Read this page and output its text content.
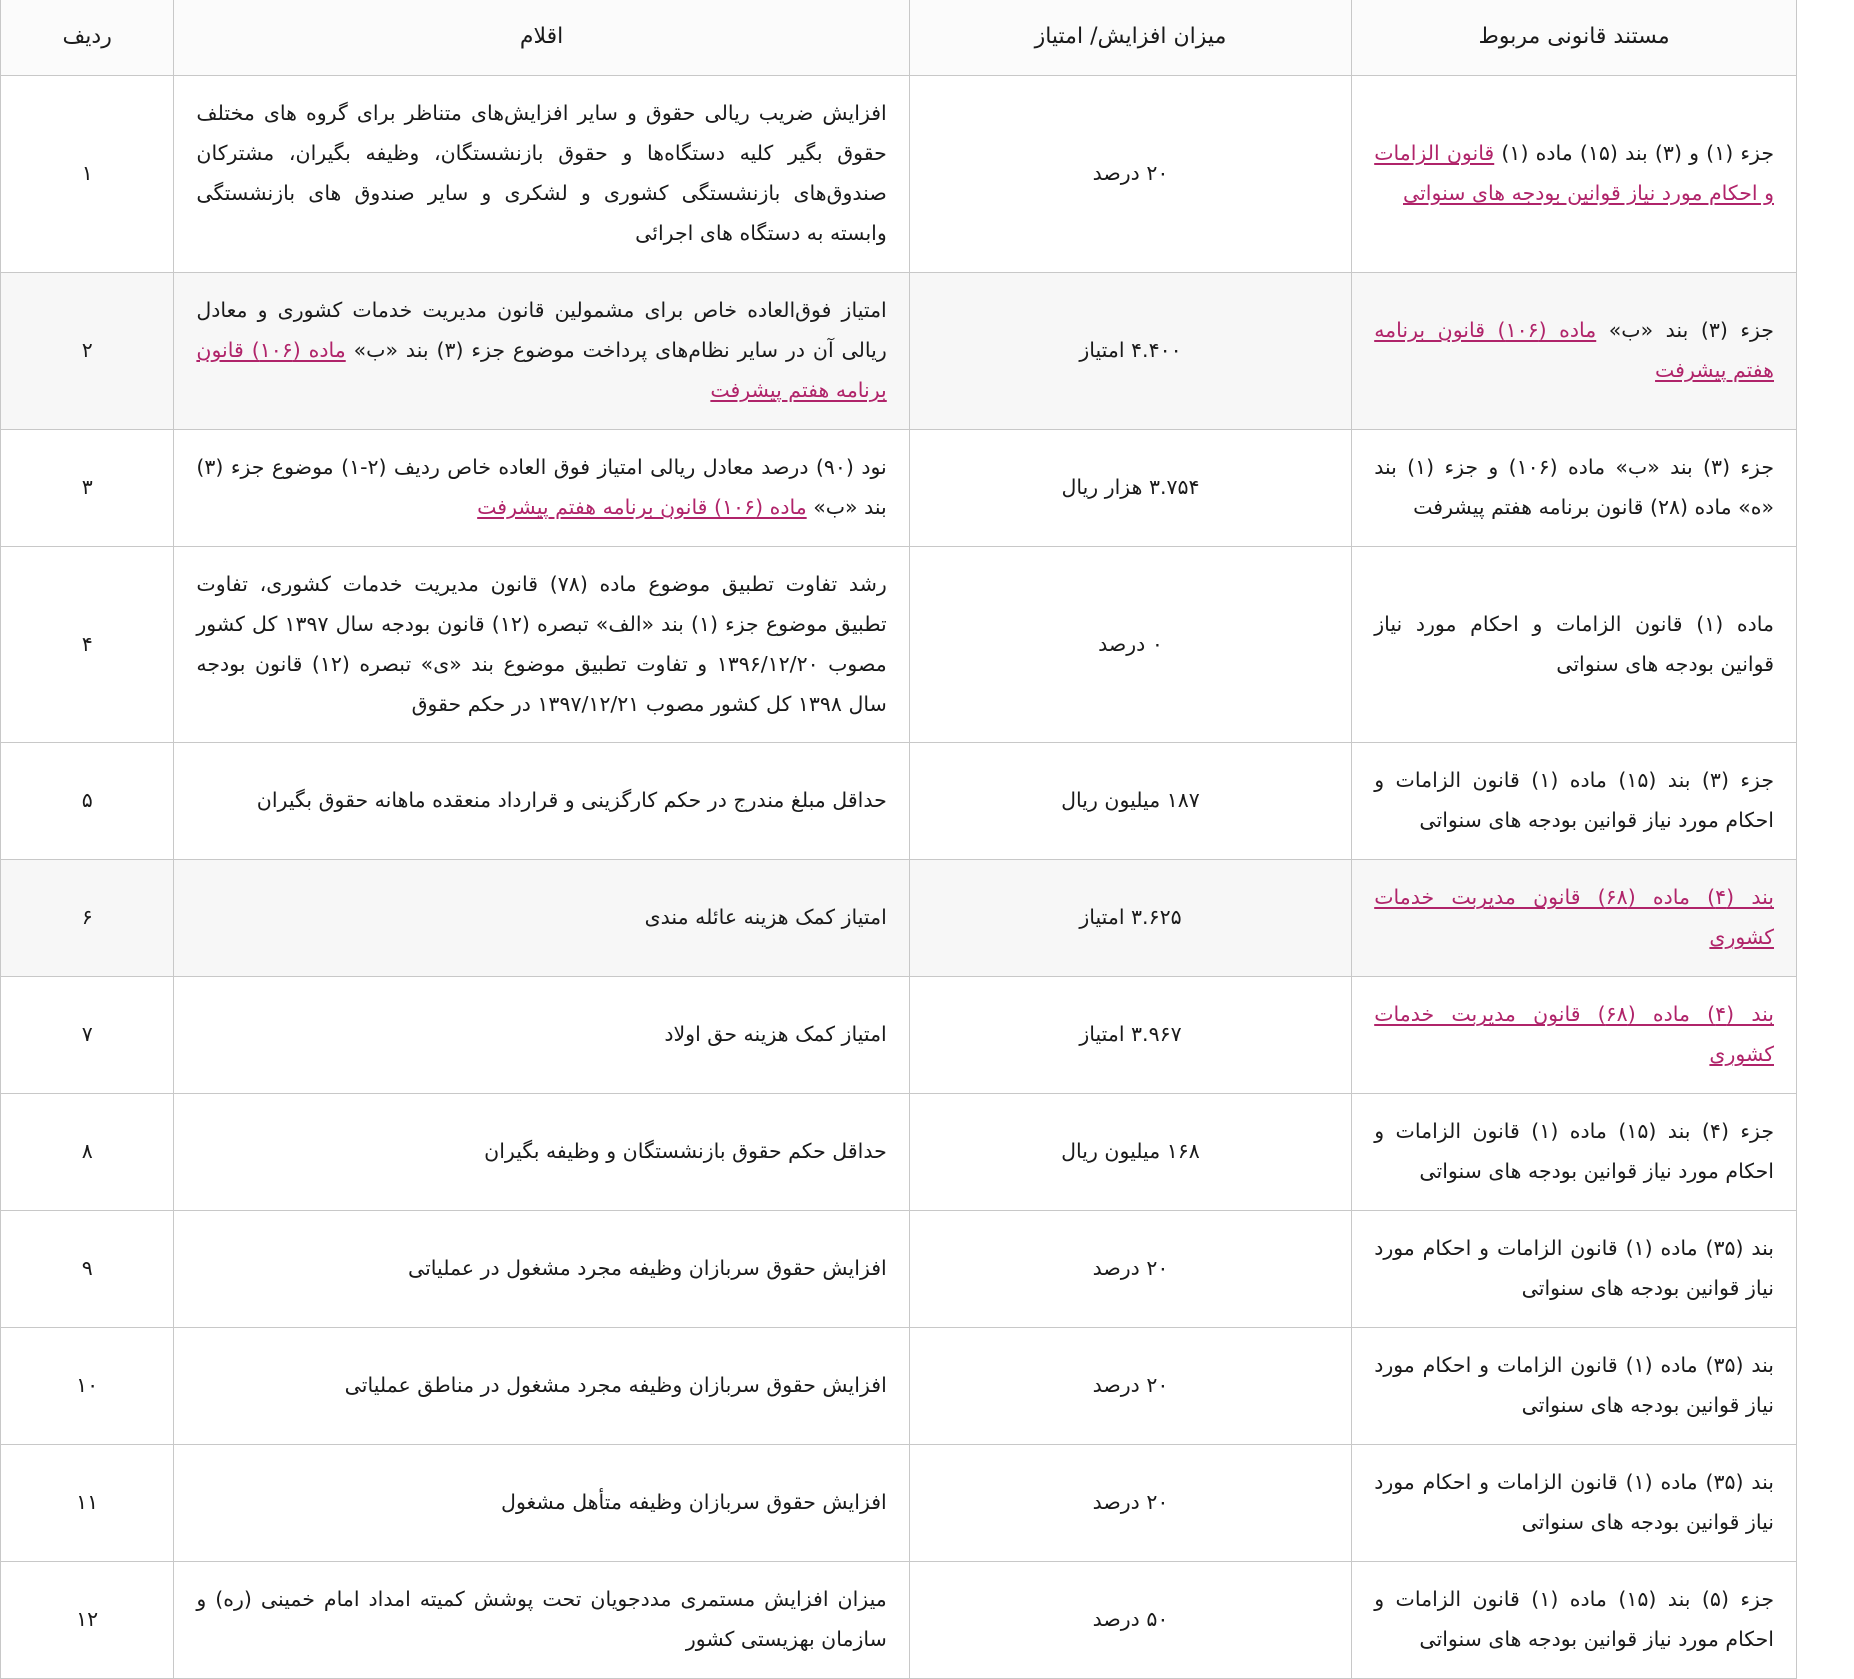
مستند قانونی مربوط	میزان افزایش/ امتیاز	اقلام	ردیف
جزء (۱) و (۳) بند (۱۵) ماده (۱) قانون الزامات و احکام مورد نیاز قوانین بودجه های سنواتی	۲۰ درصد	افزایش ضریب ریالی حقوق و سایر افزایش‌های متناظر برای گروه های مختلف حقوق بگیر کلیه دستگاه‌ها و حقوق بازنشستگان، وظیفه بگیران، مشترکان صندوق‌های بازنشستگی کشوری و لشکری و سایر صندوق های بازنشستگی وابسته به دستگاه های اجرائی	۱
جزء (۳) بند «ب» ماده (۱۰۶) قانون برنامه هفتم پیشرفت	۴.۴۰۰ امتیاز	امتیاز فوق‌العاده خاص برای مشمولین قانون مدیریت خدمات کشوری و معادل ریالی آن در سایر نظام‌های پرداخت موضوع جزء (۳) بند «ب» ماده (۱۰۶) قانون برنامه هفتم پیشرفت	۲
جزء (۳) بند «ب» ماده (۱۰۶) و جزء (۱) بند «ه» ماده (۲۸) قانون برنامه هفتم پیشرفت	۳.۷۵۴ هزار ریال	نود (۹۰) درصد معادل ریالی امتیاز فوق العاده خاص ردیف (۲-۱) موضوع جزء (۳) بند «ب» ماده (۱۰۶) قانون برنامه هفتم پیشرفت	۳
ماده (۱) قانون الزامات و احکام مورد نیاز قوانین بودجه های سنواتی	۰ درصد	رشد تفاوت تطبیق موضوع ماده (۷۸) قانون مدیریت خدمات کشوری، تفاوت تطبیق موضوع جزء (۱) بند «الف» تبصره (۱۲) قانون بودجه سال ۱۳۹۷ کل کشور مصوب ۱۳۹۶/۱۲/۲۰ و تفاوت تطبیق موضوع بند «ی» تبصره (۱۲) قانون بودجه سال ۱۳۹۸ کل کشور مصوب ۱۳۹۷/۱۲/۲۱ در حکم حقوق	۴
جزء (۳) بند (۱۵) ماده (۱) قانون الزامات و احکام مورد نیاز قوانین بودجه های سنواتی	۱۸۷ میلیون ریال	حداقل مبلغ مندرج در حکم کارگزینی و قرارداد منعقده ماهانه حقوق بگیران	۵
بند (۴) ماده (۶۸) قانون مدیربت خدمات کشوری	۳.۶۲۵ امتیاز	امتیاز کمک هزینه عائله مندی	۶
بند (۴) ماده (۶۸) قانون مدیربت خدمات کشوری	۳.۹۶۷ امتیاز	امتیاز کمک هزینه حق اولاد	۷
جزء (۴) بند (۱۵) ماده (۱) قانون الزامات و احکام مورد نیاز قوانین بودجه های سنواتی	۱۶۸ میلیون ریال	حداقل حکم حقوق بازنشستگان و وظیفه بگیران	۸
بند (۳۵) ماده (۱) قانون الزامات و احکام مورد نیاز قوانین بودجه های سنواتی	۲۰ درصد	افزایش حقوق سربازان وظیفه مجرد مشغول در عملیاتی	۹
بند (۳۵) ماده (۱) قانون الزامات و احکام مورد نیاز قوانین بودجه های سنواتی	۲۰ درصد	افزایش حقوق سربازان وظیفه مجرد مشغول در مناطق عملیاتی	۱۰
بند (۳۵) ماده (۱) قانون الزامات و احکام مورد نیاز قوانین بودجه های سنواتی	۲۰ درصد	افزایش حقوق سربازان وظیفه متأهل مشغول	۱۱
جزء (۵) بند (۱۵) ماده (۱) قانون الزامات و احکام مورد نیاز قوانین بودجه های سنواتی	۵۰ درصد	میزان افزایش مستمری مددجویان تحت پوشش کمیته امداد امام خمینی (ره) و سازمان بهزیستی کشور	۱۲
